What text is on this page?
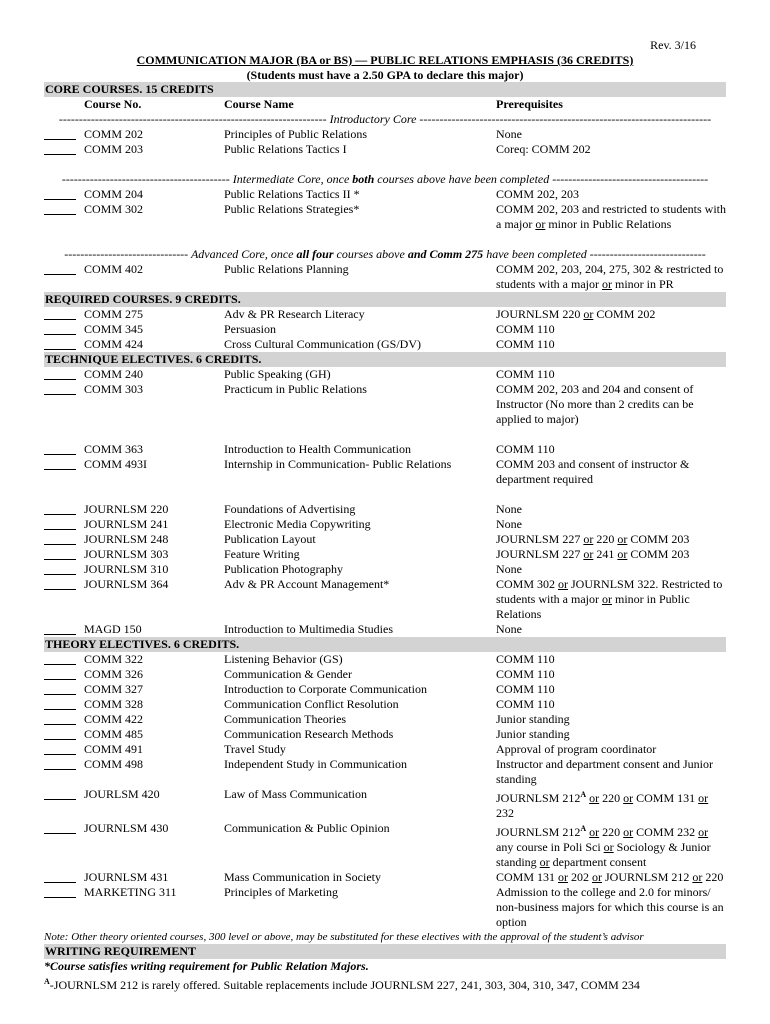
Rev. 3/16
COMMUNICATION MAJOR (BA or BS) — PUBLIC RELATIONS EMPHASIS (36 CREDITS)
(Students must have a 2.50 GPA to declare this major)
CORE COURSES. 15 CREDITS
Course No.	Course Name	Prerequisites
------------------------------------------------------------------- Introductory Core -------------------------------------------------------------------------
COMM 202	Principles of Public Relations	None
COMM 203	Public Relations Tactics I	Coreq: COMM 202
------------------------------------------ Intermediate Core, once both courses above have been completed ---------------------------------------
COMM 204	Public Relations Tactics II *	COMM 202, 203
COMM 302	Public Relations Strategies*	COMM 202, 203 and restricted to students with a major or minor in Public Relations
------------------------------- Advanced Core, once all four courses above and Comm 275 have been completed -----------------------------
COMM 402	Public Relations Planning	COMM 202, 203, 204, 275, 302 & restricted to students with a major or minor in PR
REQUIRED COURSES. 9 CREDITS.
COMM 275	Adv & PR Research Literacy	JOURNLSM 220 or COMM 202
COMM 345	Persuasion	COMM 110
COMM 424	Cross Cultural Communication (GS/DV)	COMM 110
TECHNIQUE ELECTIVES. 6 CREDITS.
COMM 240	Public Speaking (GH)	COMM 110
COMM 303	Practicum in Public Relations	COMM 202, 203 and 204 and consent of Instructor (No more than 2 credits can be applied to major)
COMM 363	Introduction to Health Communication	COMM 110
COMM 493I	Internship in Communication- Public Relations	COMM 203 and consent of instructor & department required
JOURNLSM 220	Foundations of Advertising	None
JOURNLSM 241	Electronic Media Copywriting	None
JOURNLSM 248	Publication Layout	JOURNLSM 227 or 220 or COMM 203
JOURNLSM 303	Feature Writing	JOURNLSM 227 or 241 or COMM 203
JOURNLSM 310	Publication Photography	None
JOURNLSM 364	Adv & PR Account Management*	COMM 302 or JOURNLSM 322. Restricted to students with a major or minor in Public Relations
MAGD 150	Introduction to Multimedia Studies	None
THEORY ELECTIVES. 6 CREDITS.
COMM 322	Listening Behavior (GS)	COMM 110
COMM 326	Communication & Gender	COMM 110
COMM 327	Introduction to Corporate Communication	COMM 110
COMM 328	Communication Conflict Resolution	COMM 110
COMM 422	Communication Theories	Junior standing
COMM 485	Communication Research Methods	Junior standing
COMM 491	Travel Study	Approval of program coordinator
COMM 498	Independent Study in Communication	Instructor and department consent and Junior standing
JOURLSM 420	Law of Mass Communication	JOURNLSM $212^A$ or 220 or COMM 131 or 232
JOURNLSM 430	Communication & Public Opinion	JOURNLSM $212^A$ or 220 or COMM 232 or any course in Poli Sci or Sociology & Junior standing or department consent
JOURNLSM 431	Mass Communication in Society	COMM 131 or 202 or JOURNLSM 212 or 220
MARKETING 311	Principles of Marketing	Admission to the college and 2.0 for minors/ non-business majors for which this course is an option
Note: Other theory oriented courses, 300 level or above, may be substituted for these electives with the approval of the student’s advisor
WRITING REQUIREMENT
*Course satisfies writing requirement for Public Relation Majors.
$^A$-JOURNLSM 212 is rarely offered. Suitable replacements include JOURNLSM 227, 241, 303, 304, 310, 347, COMM 234
